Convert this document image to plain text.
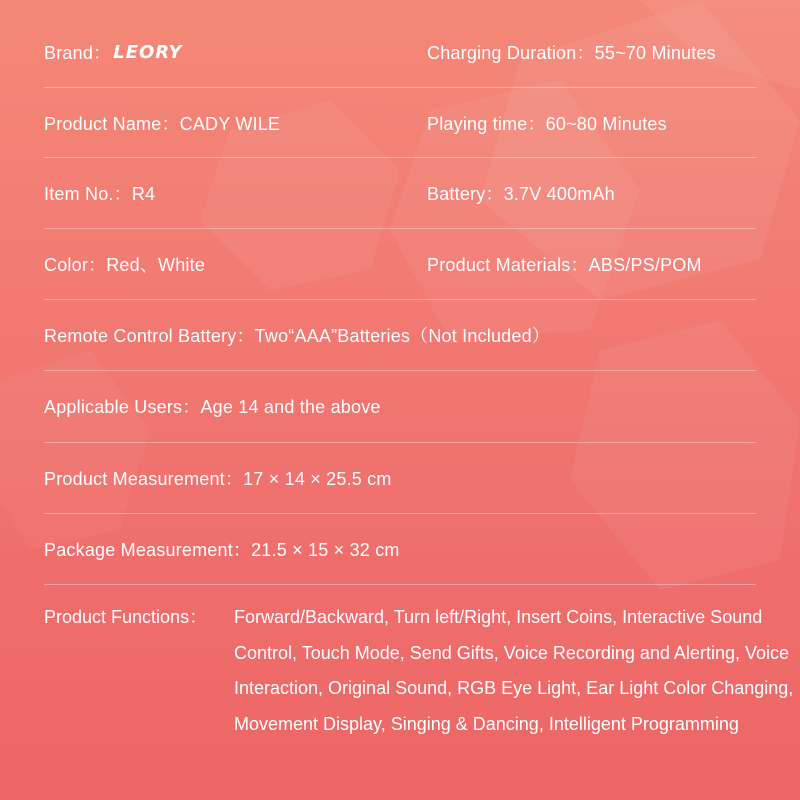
Brand： LEORY	Charging Duration：55~70 Minutes
Product Name：CADY WILE	Playing time：60~80 Minutes
Item No.：R4	Battery：3.7V 400mAh
Color：Red、White	Product Materials：ABS/PS/POM
Remote Control Battery：Two“AAA”Batteries（Not Included）
Applicable Users：Age 14 and the above
Product Measurement：17 × 14 × 25.5 cm
Package Measurement：21.5 × 15 × 32 cm
Product Functions： Forward/Backward, Turn left/Right, Insert Coins, Interactive Sound Control, Touch Mode, Send Gifts, Voice Recording and Alerting, Voice Interaction, Original Sound, RGB Eye Light, Ear Light Color Changing, Movement Display, Singing & Dancing, Intelligent Programming
